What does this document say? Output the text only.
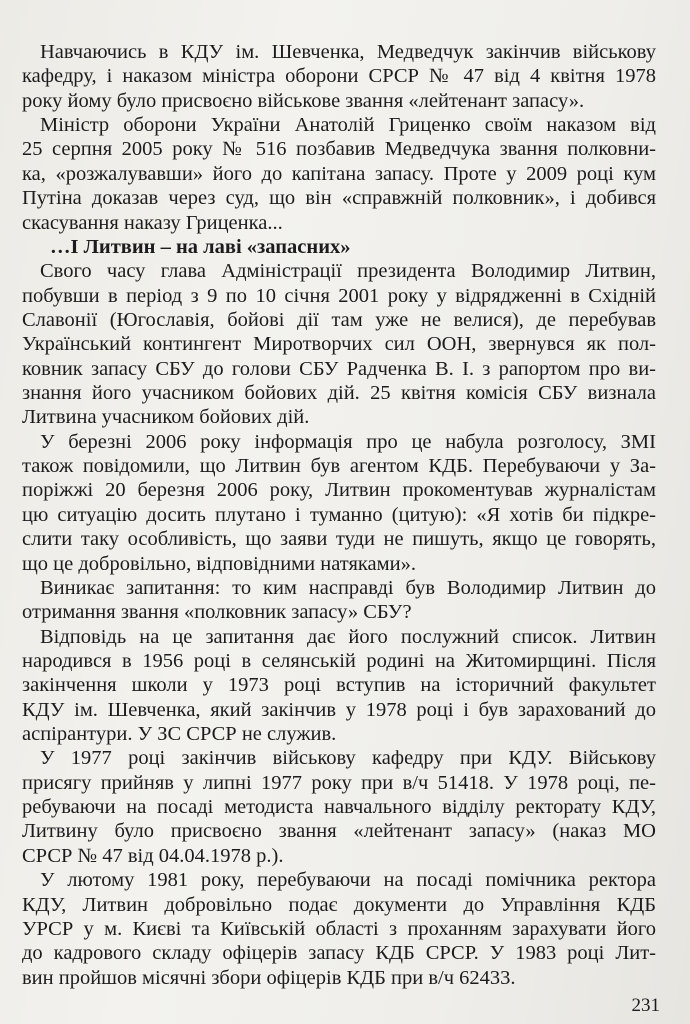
Навчаючись в КДУ ім. Шевченка, Медведчук закінчив військову
кафедру, і наказом міністра оборони СРСР № 47 від 4 квітня 1978
року йому було присвоєно військове звання «лейтенант запасу».
Міністр оборони України Анатолій Гриценко своїм наказом від
25 серпня 2005 року № 516 позбавив Медведчука звання полковни-
ка, «розжалувавши» його до капітана запасу. Проте у 2009 році кум
Путіна доказав через суд, що він «справжній полковник», і добився
скасування наказу Гриценка...
…І Литвин – на лаві «запасних»
Свого часу глава Адміністрації президента Володимир Литвин,
побувши в період з 9 по 10 січня 2001 року у відрядженні в Східній
Славонії (Югославія, бойові дії там уже не велися), де перебував
Український контингент Миротворчих сил ООН, звернувся як пол-
ковник запасу СБУ до голови СБУ Радченка В. І. з рапортом про ви-
знання його учасником бойових дій. 25 квітня комісія СБУ визнала
Литвина учасником бойових дій.
У березні 2006 року інформація про це набула розголосу, ЗМІ
також повідомили, що Литвин був агентом КДБ. Перебуваючи у За-
поріжжі 20 березня 2006 року, Литвин прокоментував журналістам
цю ситуацію досить плутано і туманно (цитую): «Я хотів би підкре-
слити таку особливість, що заяви туди не пишуть, якщо це говорять,
що це добровільно, відповідними натяками».
Виникає запитання: то ким насправді був Володимир Литвин до
отримання звання «полковник запасу» СБУ?
Відповідь на це запитання дає його послужний список. Литвин
народився в 1956 році в селянській родині на Житомирщині. Після
закінчення школи у 1973 році вступив на історичний факультет
КДУ ім. Шевченка, який закінчив у 1978 році і був зарахований до
аспірантури. У ЗС СРСР не служив.
У 1977 році закінчив військову кафедру при КДУ. Військову
присягу прийняв у липні 1977 року при в/ч 51418. У 1978 році, пе-
ребуваючи на посаді методиста навчального відділу ректорату КДУ,
Литвину було присвоєно звання «лейтенант запасу» (наказ МО
СРСР № 47 від 04.04.1978 р.).
У лютому 1981 року, перебуваючи на посаді помічника ректора
КДУ, Литвин добровільно подає документи до Управління КДБ
УРСР у м. Києві та Київській області з проханням зарахувати його
до кадрового складу офіцерів запасу КДБ СРСР. У 1983 році Лит-
вин пройшов місячні збори офіцерів КДБ при в/ч 62433.
231
